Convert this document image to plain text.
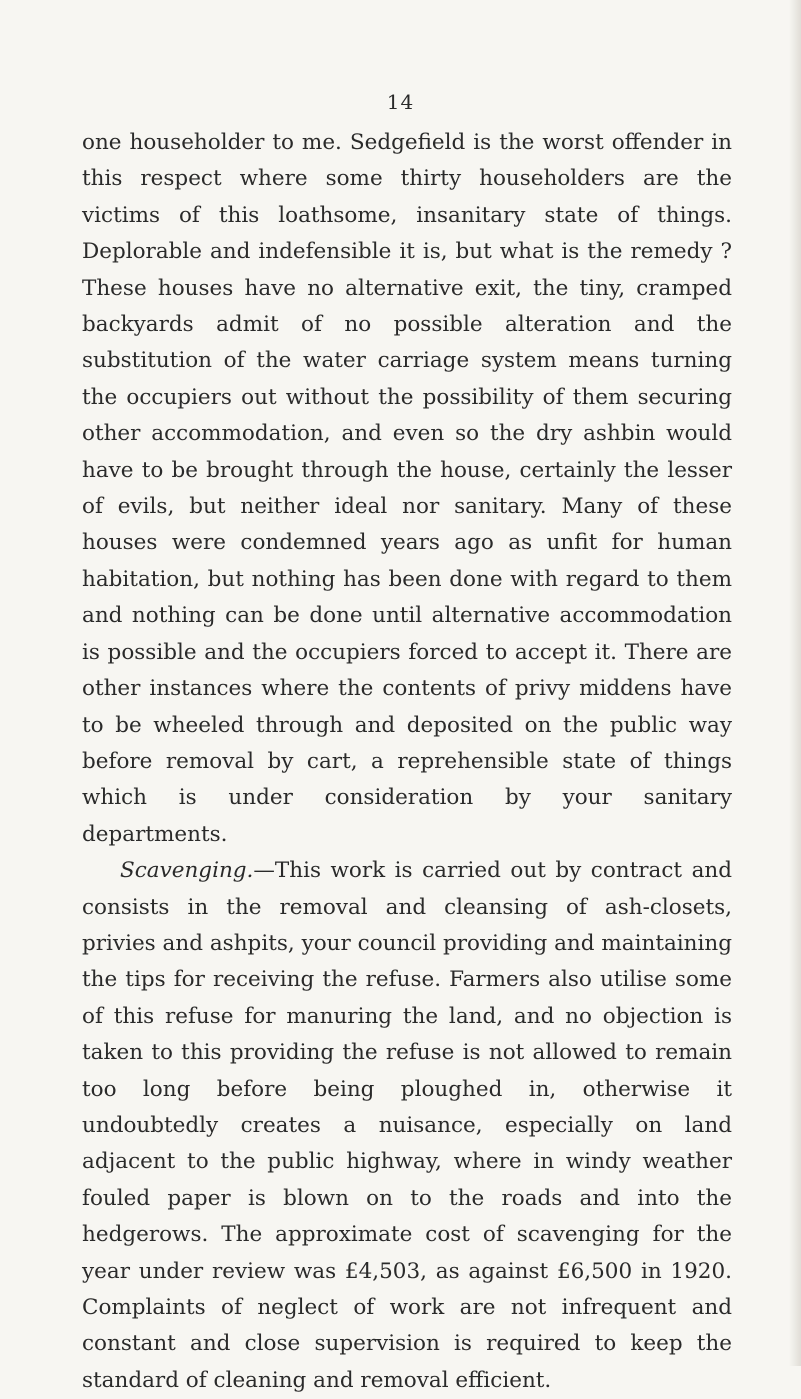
14

one householder to me. Sedgefield is the worst offender in this respect where some thirty householders are the victims of this loathsome, insanitary state of things. Deplorable and indefensible it is, but what is the remedy ? These houses have no alternative exit, the tiny, cramped backyards admit of no possible alteration and the substitution of the water carriage system means turning the occupiers out without the possibility of them securing other accommodation, and even so the dry ashbin would have to be brought through the house, certainly the lesser of evils, but neither ideal nor sanitary. Many of these houses were condemned years ago as unfit for human habitation, but nothing has been done with regard to them and nothing can be done until alternative accommodation is possible and the occupiers forced to accept it. There are other instances where the contents of privy middens have to be wheeled through and deposited on the public way before removal by cart, a reprehensible state of things which is under consideration by your sanitary departments.

Scavenging.—This work is carried out by contract and consists in the removal and cleansing of ash-closets, privies and ashpits, your council providing and maintaining the tips for receiving the refuse. Farmers also utilise some of this refuse for manuring the land, and no objection is taken to this providing the refuse is not allowed to remain too long before being ploughed in, otherwise it undoubtedly creates a nuisance, especially on land adjacent to the public highway, where in windy weather fouled paper is blown on to the roads and into the hedgerows. The approximate cost of scavenging for the year under review was £4,503, as against £6,500 in 1920. Complaints of neglect of work are not infrequent and constant and close supervision is required to keep the standard of cleaning and removal efficient.
